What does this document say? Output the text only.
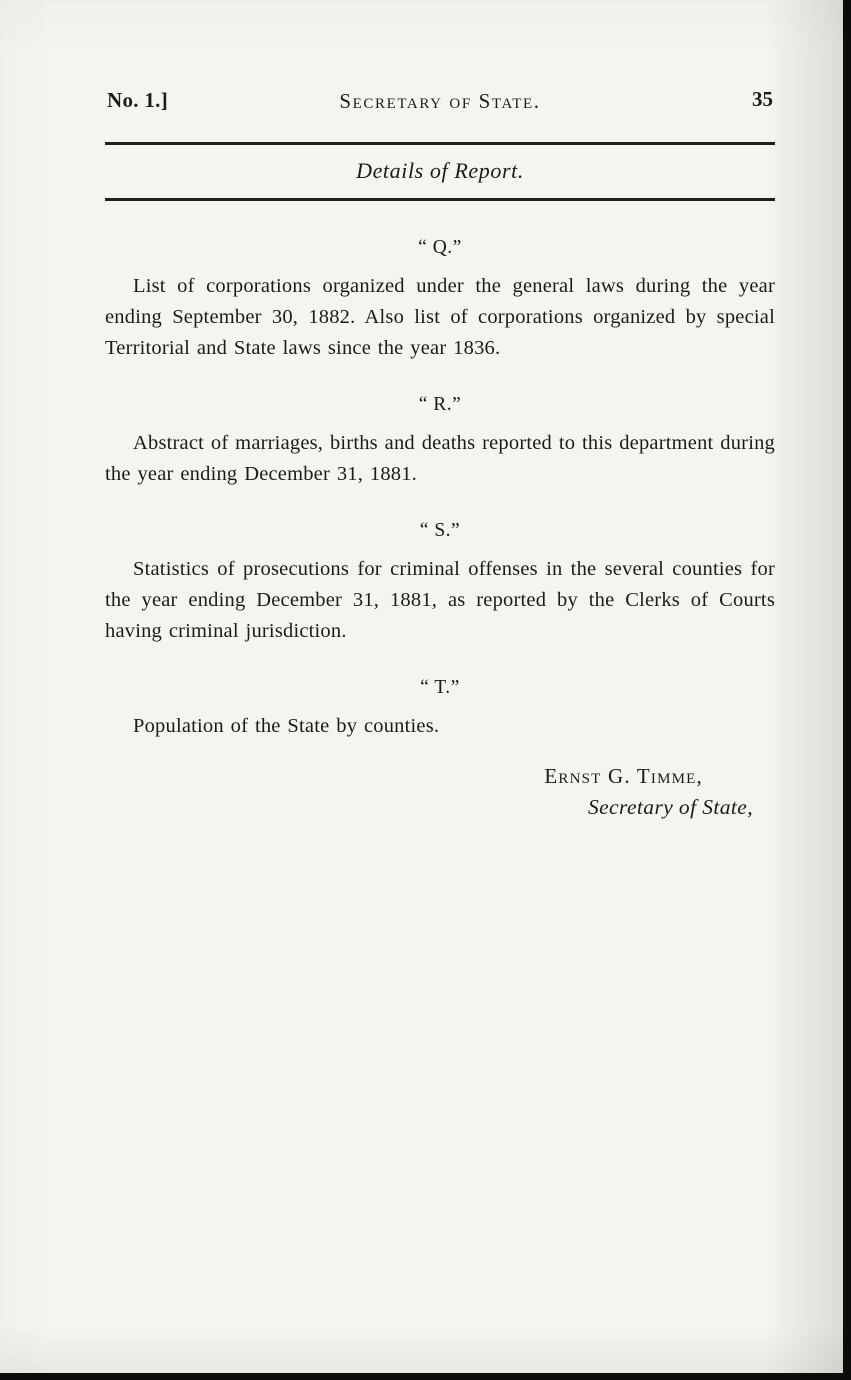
No. 1.]	Secretary of State.	35
Details of Report.
“ Q.”

List of corporations organized under the general laws during the year ending September 30, 1882. Also list of corporations organized by special Territorial and State laws since the year 1836.

“ R.”

Abstract of marriages, births and deaths reported to this department during the year ending December 31, 1881.

“ S.”

Statistics of prosecutions for criminal offenses in the several counties for the year ending December 31, 1881, as reported by the Clerks of Courts having criminal jurisdiction.

“ T.”

Population of the State by counties.

Ernst G. Timme,
Secretary of State,
